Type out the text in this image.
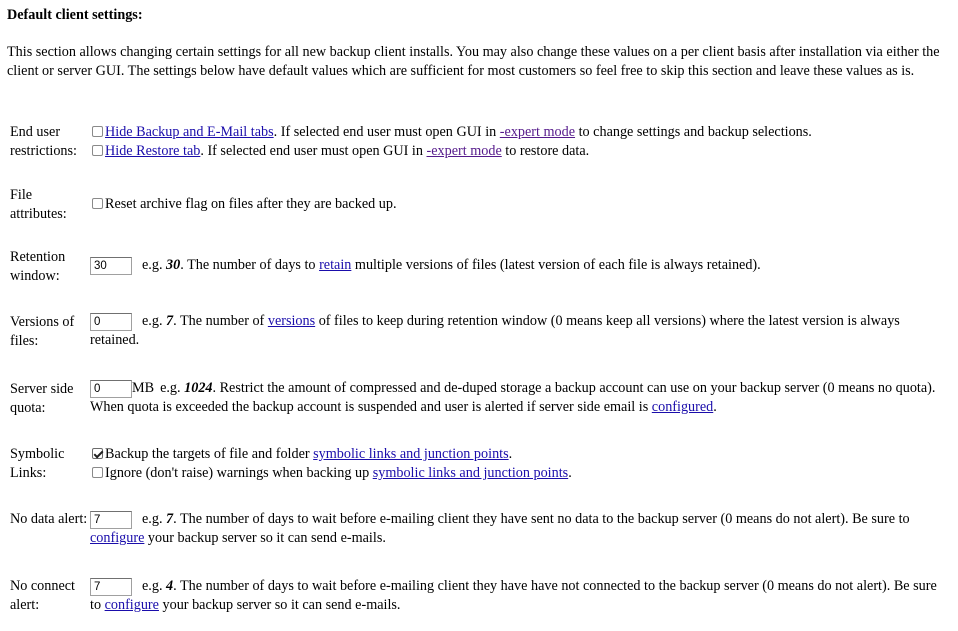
Default client settings:
This section allows changing certain settings for all new backup client installs. You may also change these values on a per client basis after installation via either the client or server GUI. The settings below have default values which are sufficient for most customers so feel free to skip this section and leave these values as is.
End user restrictions:
Hide Backup and E-Mail tabs. If selected end user must open GUI in -expert mode to change settings and backup selections.
Hide Restore tab. If selected end user must open GUI in -expert mode to restore data.
File attributes:
Reset archive flag on files after they are backed up.
Retention window:
30 e.g. 30. The number of days to retain multiple versions of files (latest version of each file is always retained).
Versions of files:
0	e.g. 7. The number of versions of files to keep during retention window (0 means keep all versions) where the latest version is always retained.
Server side quota:
0 MB e.g. 1024. Restrict the amount of compressed and de-duped storage a backup account can use on your backup server (0 means no quota). When quota is exceeded the backup account is suspended and user is alerted if server side email is configured.
Symbolic Links:
Backup the targets of file and folder symbolic links and junction points.
Ignore (don't raise) warnings when backing up symbolic links and junction points.
No data alert: 7	e.g. 7. The number of days to wait before e-mailing client they have sent no data to the backup server (0 means do not alert). Be sure to configure your backup server so it can send e-mails.
No connect alert:
7	e.g. 4. The number of days to wait before e-mailing client they have have not connected to the backup server (0 means do not alert). Be sure to configure your backup server so it can send e-mails.
